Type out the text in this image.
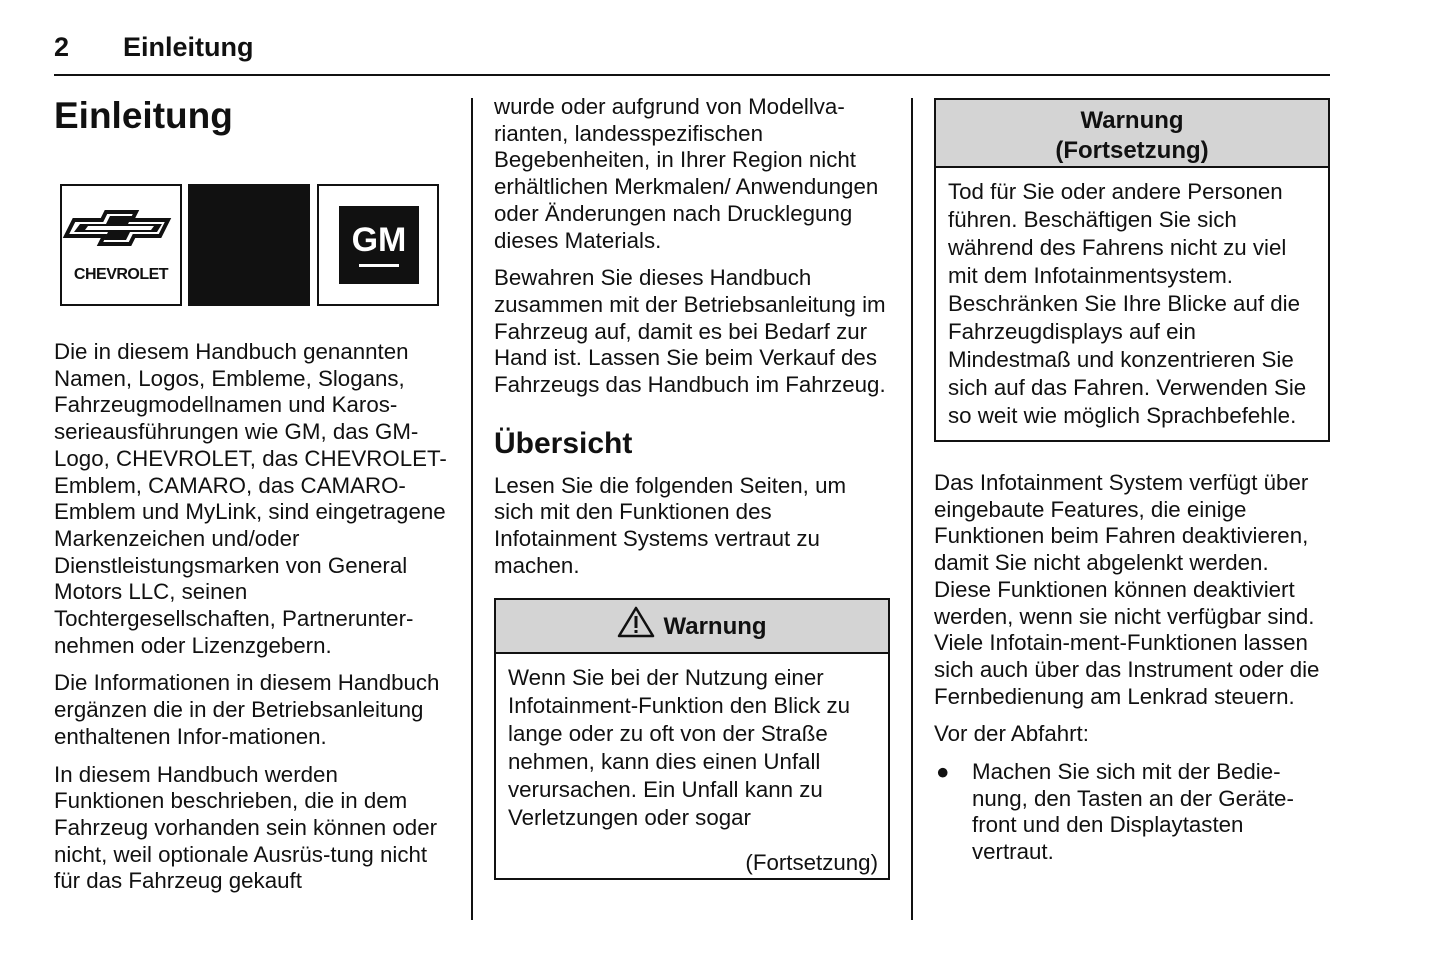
2 Einleitung
Einleitung
CHEVROLET
GM

Die in diesem Handbuch genannten Namen, Logos, Embleme, Slogans, Fahrzeugmodellnamen und Karos-serieausführungen wie GM, das GM-Logo, CHEVROLET, das CHEVROLET-Emblem, CAMARO, das CAMARO-Emblem und MyLink, sind eingetragene Markenzeichen und/oder Dienstleistungsmarken von General Motors LLC, seinen Tochtergesellschaften, Partnerunter-nehmen oder Lizenzgebern.

Die Informationen in diesem Handbuch ergänzen die in der Betriebsanleitung enthaltenen Infor-mationen.

In diesem Handbuch werden Funktionen beschrieben, die in dem Fahrzeug vorhanden sein können oder nicht, weil optionale Ausrüs-tung nicht für das Fahrzeug gekauft

wurde oder aufgrund von Modellva-rianten, landesspezifischen Begebenheiten, in Ihrer Region nicht erhältlichen Merkmalen/ Anwendungen oder Änderungen nach Drucklegung dieses Materials.

Bewahren Sie dieses Handbuch zusammen mit der Betriebsanleitung im Fahrzeug auf, damit es bei Bedarf zur Hand ist. Lassen Sie beim Verkauf des Fahrzeugs das Handbuch im Fahrzeug.

Übersicht

Lesen Sie die folgenden Seiten, um sich mit den Funktionen des Infotainment Systems vertraut zu machen.

Warnung

Wenn Sie bei der Nutzung einer Infotainment-Funktion den Blick zu lange oder zu oft von der Straße nehmen, kann dies einen Unfall verursachen. Ein Unfall kann zu Verletzungen oder sogar

(Fortsetzung)
Warnung
(Fortsetzung)

Tod für Sie oder andere Personen führen. Beschäftigen Sie sich während des Fahrens nicht zu viel mit dem Infotainmentsystem. Beschränken Sie Ihre Blicke auf die Fahrzeugdisplays auf ein Mindestmaß und konzentrieren Sie sich auf das Fahren. Verwenden Sie so weit wie möglich Sprachbefehle.

Das Infotainment System verfügt über eingebaute Features, die einige Funktionen beim Fahren deaktivieren, damit Sie nicht abgelenkt werden. Diese Funktionen können deaktiviert werden, wenn sie nicht verfügbar sind. Viele Infotain-ment-Funktionen lassen sich auch über das Instrument oder die Fernbedienung am Lenkrad steuern.

Vor der Abfahrt:

● Machen Sie sich mit der Bedie-nung, den Tasten an der Geräte-front und den Displaytasten vertraut.
